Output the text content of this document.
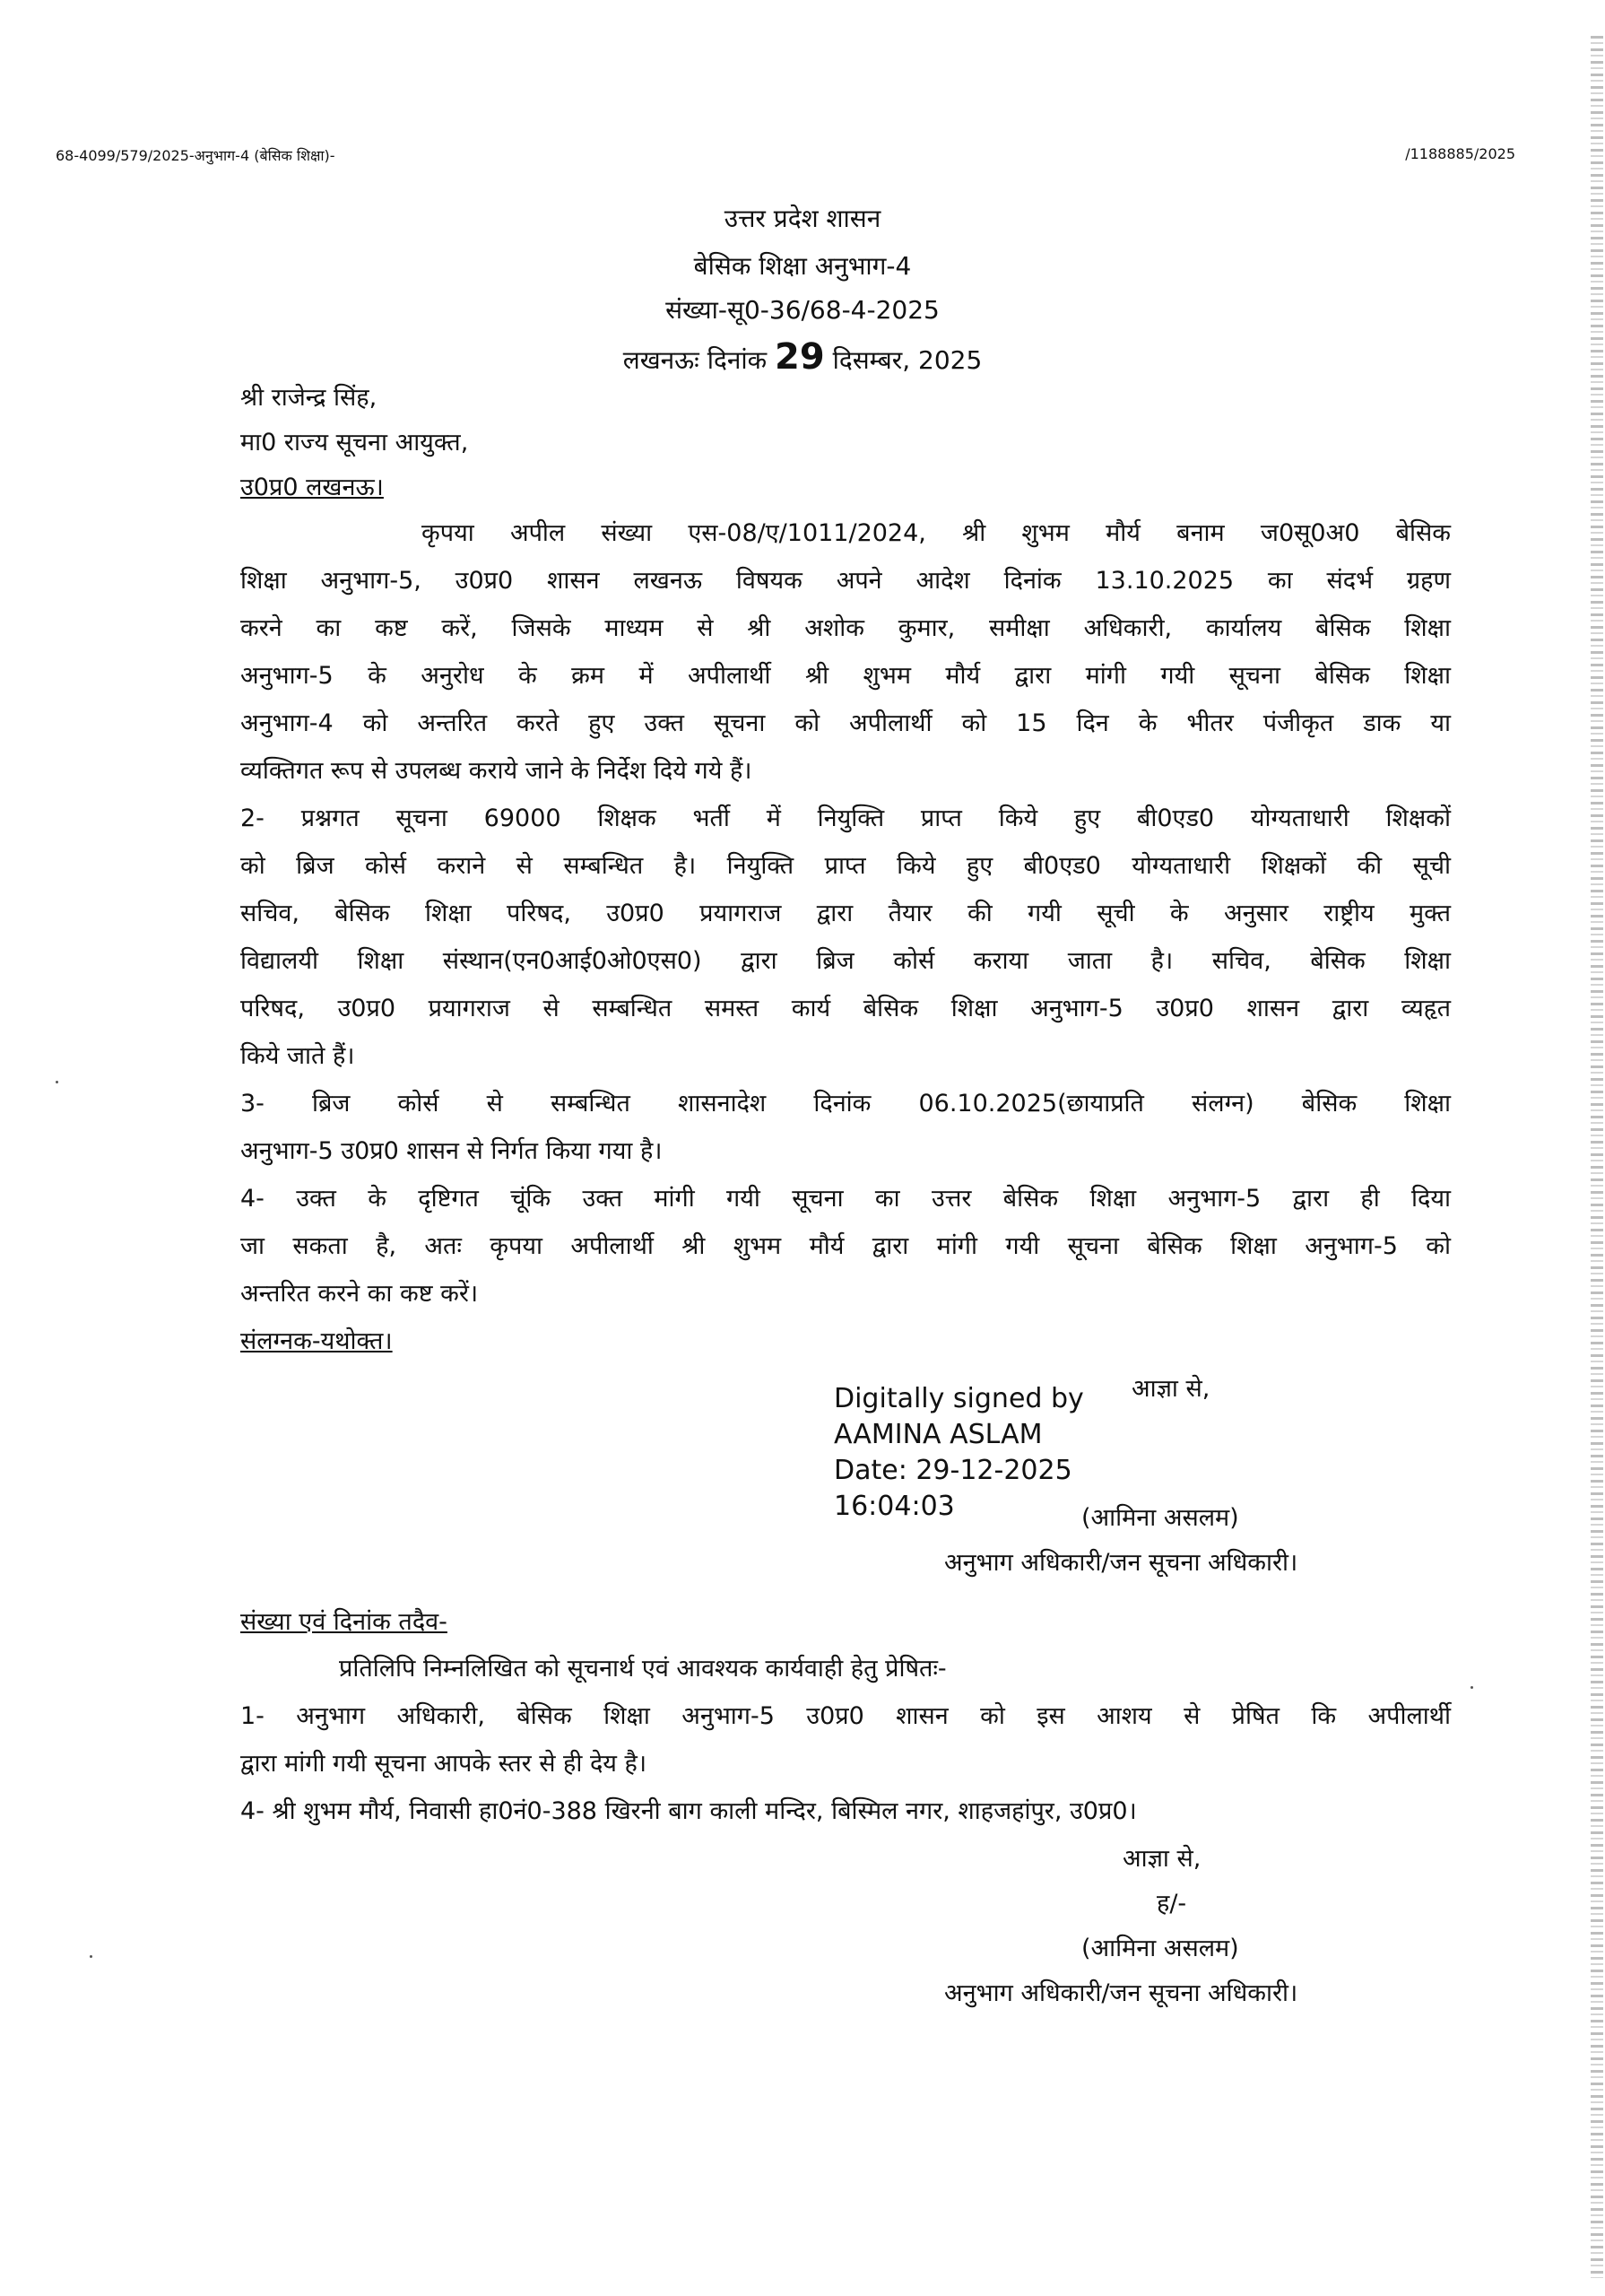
68-4099/579/2025-अनुभाग-4 (बेसिक शिक्षा)-	/1188885/2025
उत्तर प्रदेश शासन
बेसिक शिक्षा अनुभाग-4
संख्या-सू0-36/68-4-2025
लखनऊः दिनांक 29 दिसम्बर, 2025
श्री राजेन्द्र सिंह,
मा0 राज्य सूचना आयुक्त,
उ0प्र0 लखनऊ।
कृपया अपील संख्या एस-08/ए/1011/2024, श्री शुभम मौर्य बनाम ज0सू0अ0 बेसिक
शिक्षा अनुभाग-5, उ0प्र0 शासन लखनऊ विषयक अपने आदेश दिनांक 13.10.2025 का संदर्भ ग्रहण
करने का कष्ट करें, जिसके माध्यम से श्री अशोक कुमार, समीक्षा अधिकारी, कार्यालय बेसिक शिक्षा
अनुभाग-5 के अनुरोध के क्रम में अपीलार्थी श्री शुभम मौर्य द्वारा मांगी गयी सूचना बेसिक शिक्षा
अनुभाग-4 को अन्तरित करते हुए उक्त सूचना को अपीलार्थी को 15 दिन के भीतर पंजीकृत डाक या
व्यक्तिगत रूप से उपलब्ध कराये जाने के निर्देश दिये गये हैं।
2- प्रश्नगत सूचना 69000 शिक्षक भर्ती में नियुक्ति प्राप्त किये हुए बी0एड0 योग्यताधारी शिक्षकों
को ब्रिज कोर्स कराने से सम्बन्धित है। नियुक्ति प्राप्त किये हुए बी0एड0 योग्यताधारी शिक्षकों की सूची
सचिव, बेसिक शिक्षा परिषद, उ0प्र0 प्रयागराज द्वारा तैयार की गयी सूची के अनुसार राष्ट्रीय मुक्त
विद्यालयी शिक्षा संस्थान(एन0आई0ओ0एस0) द्वारा ब्रिज कोर्स कराया जाता है। सचिव, बेसिक शिक्षा
परिषद, उ0प्र0 प्रयागराज से सम्बन्धित समस्त कार्य बेसिक शिक्षा अनुभाग-5 उ0प्र0 शासन द्वारा व्यहृत
किये जाते हैं।
3- ब्रिज कोर्स से सम्बन्धित शासनादेश दिनांक 06.10.2025(छायाप्रति संलग्न) बेसिक शिक्षा
अनुभाग-5 उ0प्र0 शासन से निर्गत किया गया है।
4- उक्त के दृष्टिगत चूंकि उक्त मांगी गयी सूचना का उत्तर बेसिक शिक्षा अनुभाग-5 द्वारा ही दिया
जा सकता है, अतः कृपया अपीलार्थी श्री शुभम मौर्य द्वारा मांगी गयी सूचना बेसिक शिक्षा अनुभाग-5 को
अन्तरित करने का कष्ट करें।
संलग्नक-यथोक्त।
आज्ञा से,
Digitally signed by
AAMINA ASLAM
Date: 29-12-2025
16:04:03	(आमिना असलम)
अनुभाग अधिकारी/जन सूचना अधिकारी।
संख्या एवं दिनांक तदैव-
प्रतिलिपि निम्नलिखित को सूचनार्थ एवं आवश्यक कार्यवाही हेतु प्रेषितः-
1- अनुभाग अधिकारी, बेसिक शिक्षा अनुभाग-5 उ0प्र0 शासन को इस आशय से प्रेषित कि अपीलार्थी
द्वारा मांगी गयी सूचना आपके स्तर से ही देय है।
4- श्री शुभम मौर्य, निवासी हा0नं0-388 खिरनी बाग काली मन्दिर, बिस्मिल नगर, शाहजहांपुर, उ0प्र0।
आज्ञा से,
ह/-
(आमिना असलम)
अनुभाग अधिकारी/जन सूचना अधिकारी।
